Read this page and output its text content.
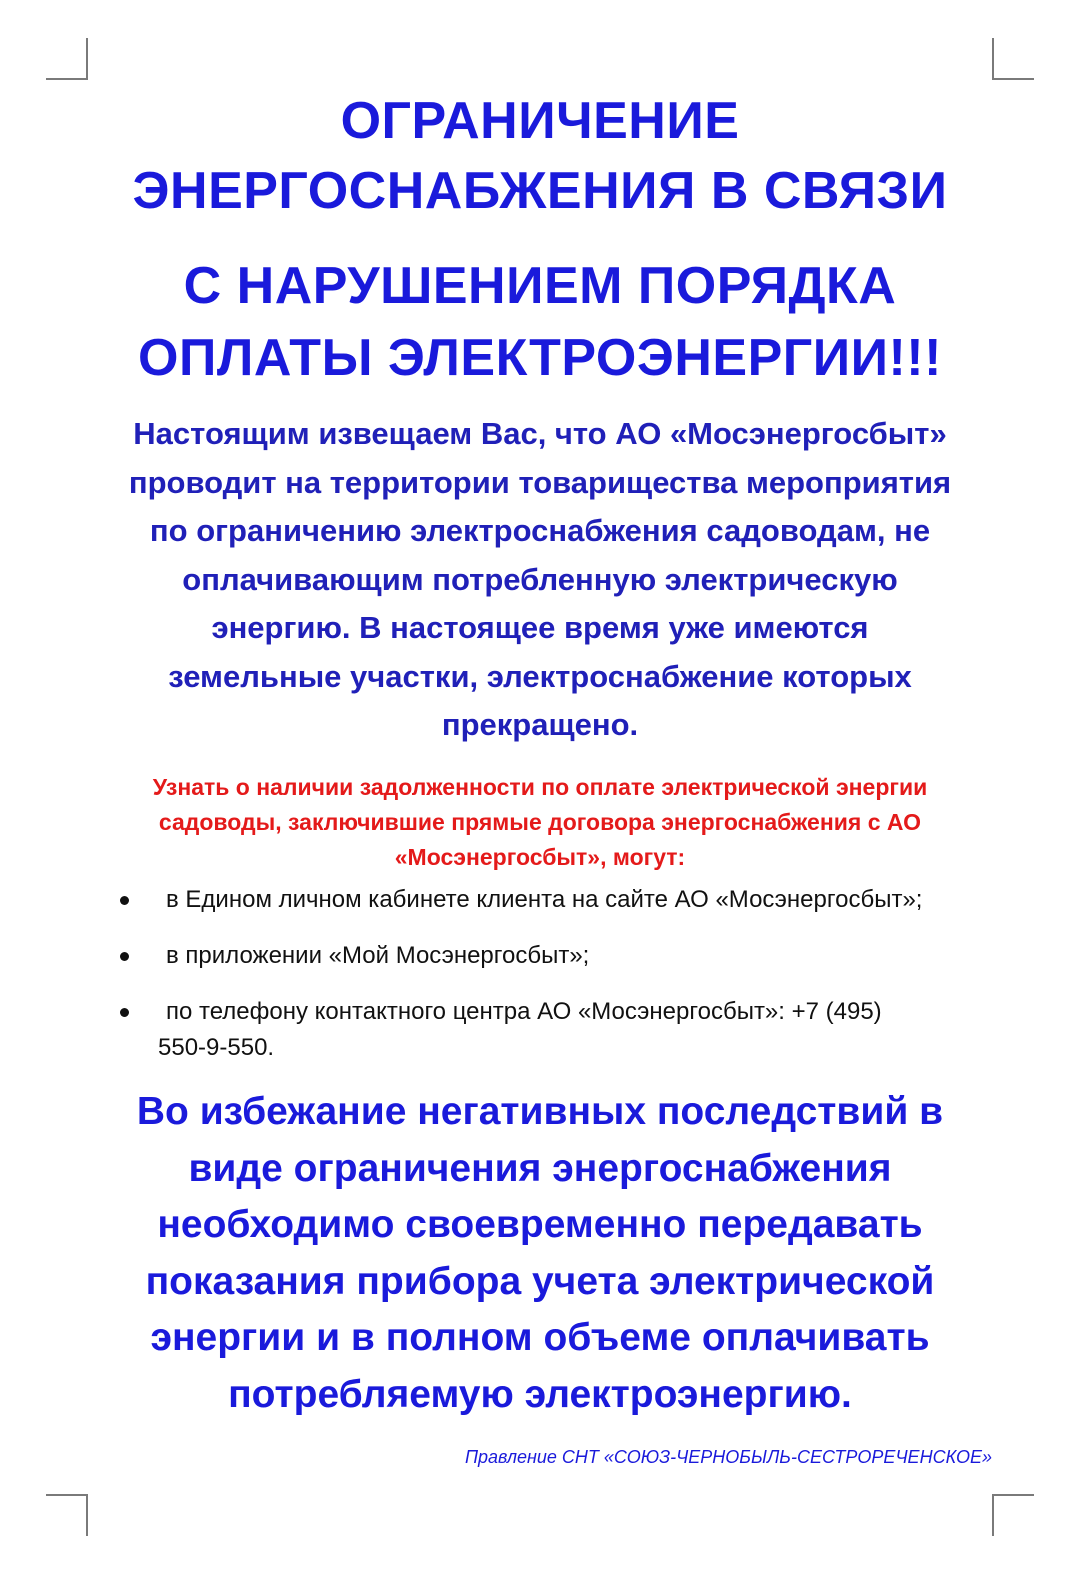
ОГРАНИЧЕНИЕ
ЭНЕРГОСНАБЖЕНИЯ В СВЯЗИ
С НАРУШЕНИЕМ ПОРЯДКА
ОПЛАТЫ ЭЛЕКТРОЭНЕРГИИ!!!
Настоящим извещаем Вас, что АО «Мосэнергосбыт»
проводит на территории товарищества мероприятия
по ограничению электроснабжения садоводам, не
оплачивающим потребленную электрическую
энергию. В настоящее время уже имеются
земельные участки, электроснабжение которых
прекращено.
Узнать о наличии задолженности по оплате электрической энергии
садоводы, заключившие прямые договора энергоснабжения с АО
«Мосэнергосбыт», могут:
в Едином личном кабинете клиента на сайте АО «Мосэнергосбыт»;
в приложении «Мой Мосэнергосбыт»;
по телефону контактного центра АО «Мосэнергосбыт»: +7 (495)
550-9-550.
Во избежание негативных последствий в
виде ограничения энергоснабжения
необходимо своевременно передавать
показания прибора учета электрической
энергии и в полном объеме оплачивать
потребляемую электроэнергию.
Правление СНТ «СОЮЗ-ЧЕРНОБЫЛЬ-СЕСТРОРЕЧЕНСКОЕ»
